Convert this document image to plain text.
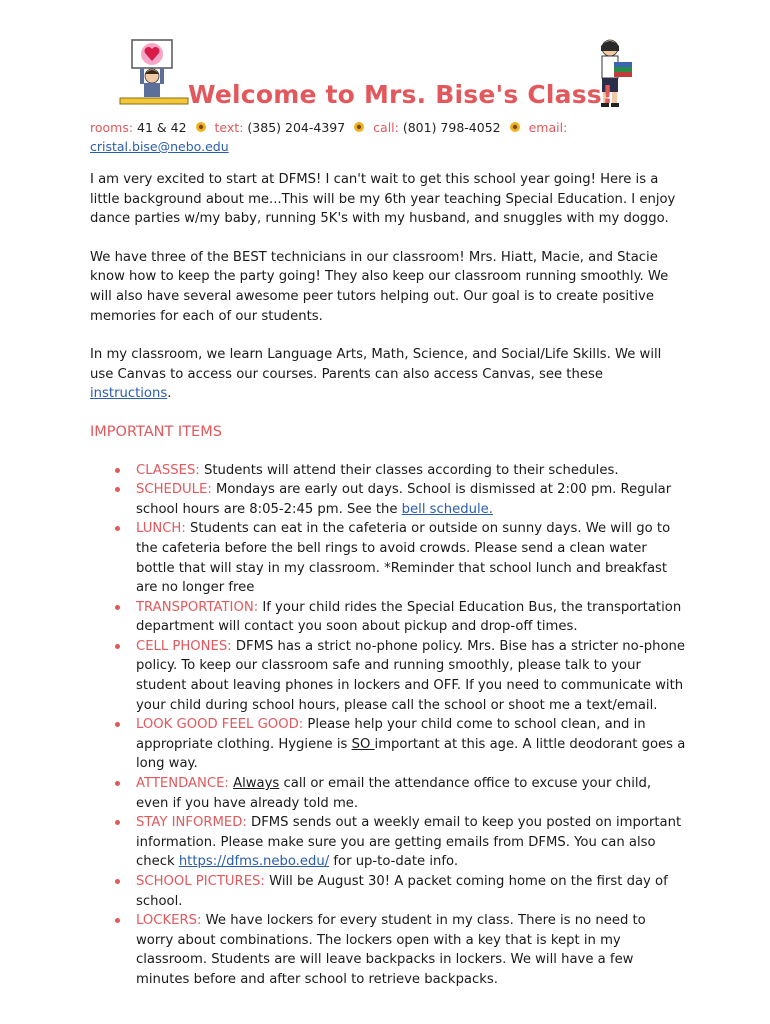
Welcome to Mrs. Bise's Class!
rooms: 41 & 42 text: (385) 204-4397 call: (801) 798-4052 email:
cristal.bise@nebo.edu

I am very excited to start at DFMS! I can't wait to get this school year going! Here is a little background about me...This will be my 6th year teaching Special Education. I enjoy dance parties w/my baby, running 5K's with my husband, and snuggles with my doggo.

We have three of the BEST technicians in our classroom! Mrs. Hiatt, Macie, and Stacie know how to keep the party going! They also keep our classroom running smoothly. We will also have several awesome peer tutors helping out. Our goal is to create positive memories for each of our students.

In my classroom, we learn Language Arts, Math, Science, and Social/Life Skills. We will use Canvas to access our courses. Parents can also access Canvas, see these instructions.

IMPORTANT ITEMS
CLASSES: Students will attend their classes according to their schedules.
SCHEDULE: Mondays are early out days. School is dismissed at 2:00 pm. Regular school hours are 8:05-2:45 pm. See the bell schedule.
LUNCH: Students can eat in the cafeteria or outside on sunny days. We will go to the cafeteria before the bell rings to avoid crowds. Please send a clean water bottle that will stay in my classroom. *Reminder that school lunch and breakfast are no longer free
TRANSPORTATION: If your child rides the Special Education Bus, the transportation department will contact you soon about pickup and drop-off times.
CELL PHONES: DFMS has a strict no-phone policy. Mrs. Bise has a stricter no-phone policy. To keep our classroom safe and running smoothly, please talk to your student about leaving phones in lockers and OFF. If you need to communicate with your child during school hours, please call the school or shoot me a text/email.
LOOK GOOD FEEL GOOD: Please help your child come to school clean, and in appropriate clothing. Hygiene is SO important at this age. A little deodorant goes a long way.
ATTENDANCE: Always call or email the attendance office to excuse your child, even if you have already told me.
STAY INFORMED: DFMS sends out a weekly email to keep you posted on important information. Please make sure you are getting emails from DFMS. You can also check https://dfms.nebo.edu/ for up-to-date info.
SCHOOL PICTURES: Will be August 30! A packet coming home on the first day of school.
LOCKERS: We have lockers for every student in my class. There is no need to worry about combinations. The lockers open with a key that is kept in my classroom. Students are will leave backpacks in lockers. We will have a few minutes before and after school to retrieve backpacks.
